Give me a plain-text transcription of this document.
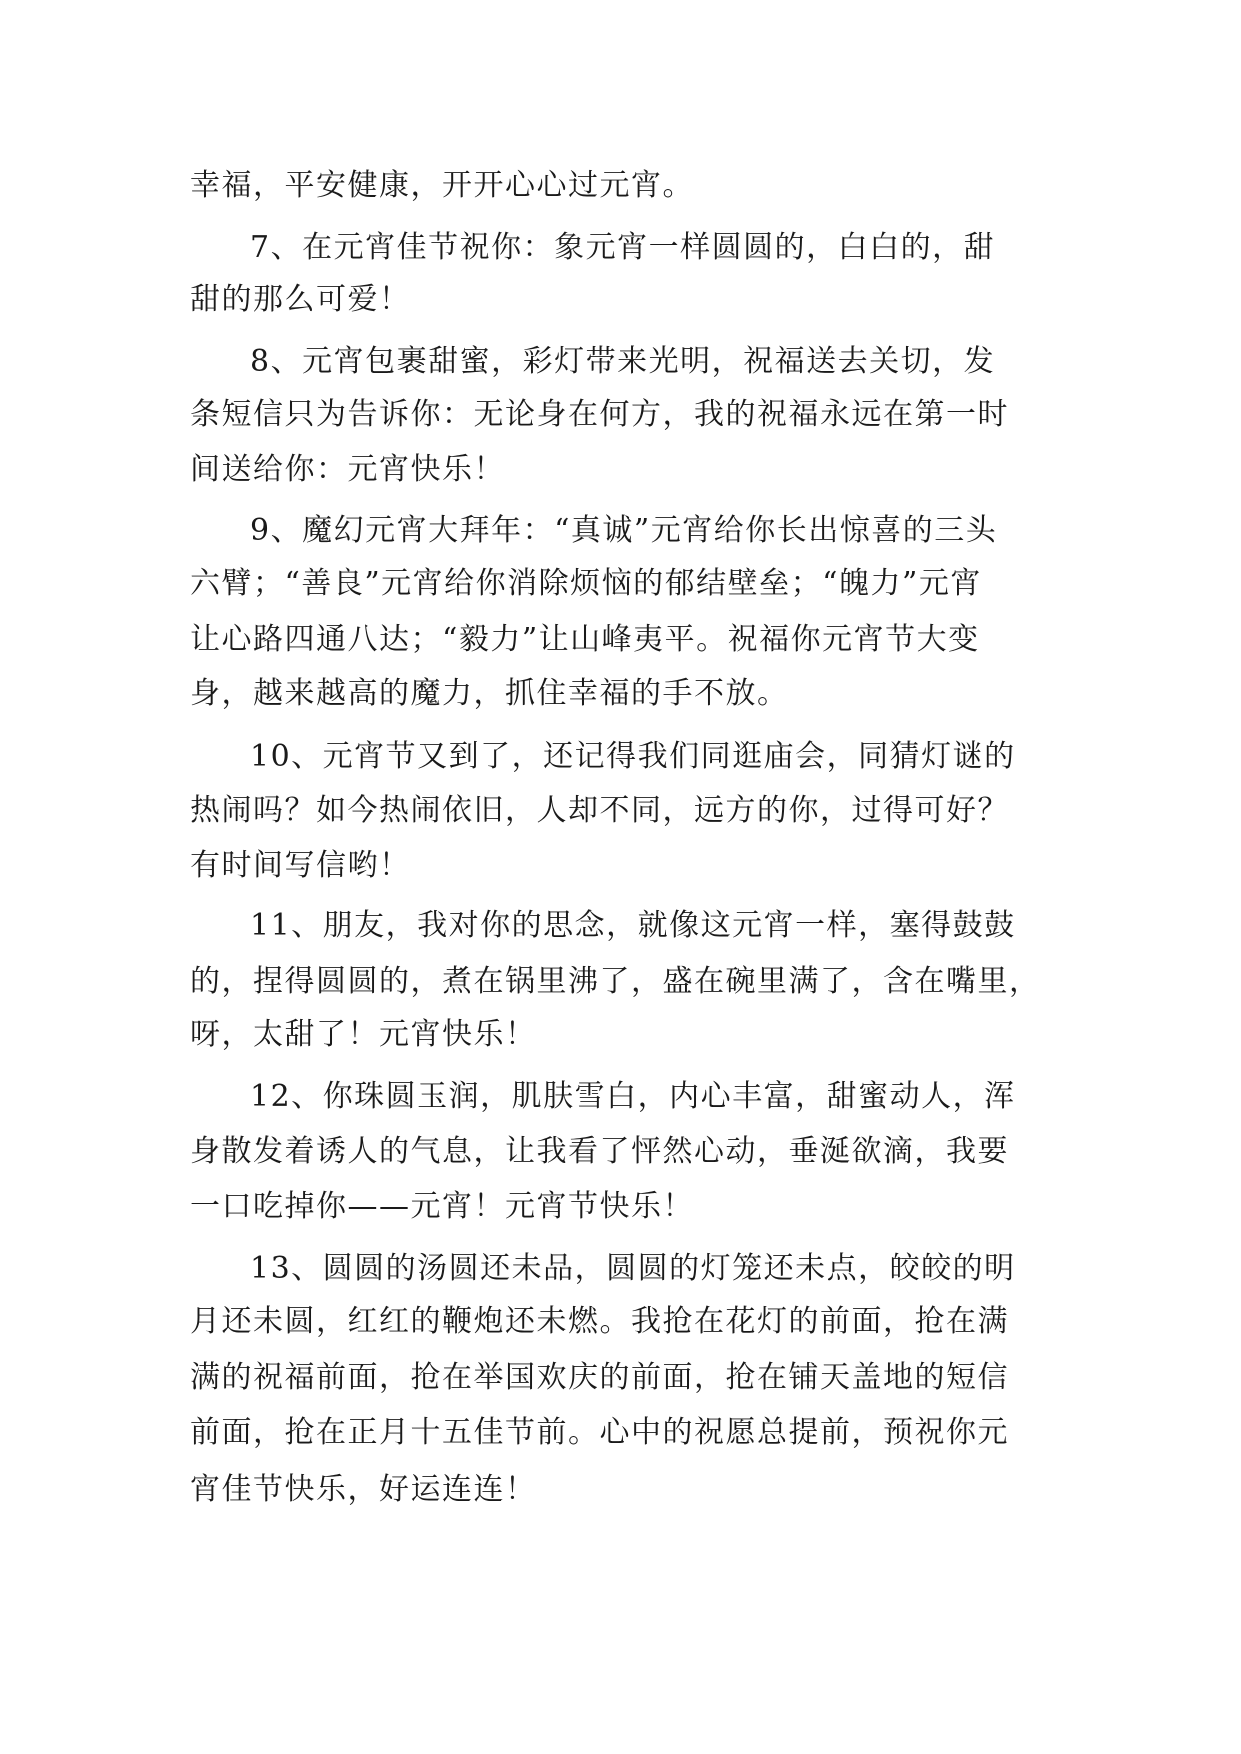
幸福，平安健康，开开心心过元宵。
7、在元宵佳节祝你：象元宵一样圆圆的，白白的，甜
甜的那么可爱！
8、元宵包裹甜蜜，彩灯带来光明，祝福送去关切，发
条短信只为告诉你：无论身在何方，我的祝福永远在第一时
间送给你：元宵快乐！
9、魔幻元宵大拜年：“真诚”元宵给你长出惊喜的三头
六臂；“善良”元宵给你消除烦恼的郁结壁垒；“魄力”元宵
让心路四通八达；“毅力”让山峰夷平。祝福你元宵节大变
身，越来越高的魔力，抓住幸福的手不放。
10、元宵节又到了，还记得我们同逛庙会，同猜灯谜的
热闹吗？如今热闹依旧，人却不同，远方的你，过得可好？
有时间写信哟！
11、朋友，我对你的思念，就像这元宵一样，塞得鼓鼓
的，捏得圆圆的，煮在锅里沸了，盛在碗里满了，含在嘴里，
呀，太甜了！元宵快乐！
12、你珠圆玉润，肌肤雪白，内心丰富，甜蜜动人，浑
身散发着诱人的气息，让我看了怦然心动，垂涎欲滴，我要
一口吃掉你——元宵！元宵节快乐！
13、圆圆的汤圆还未品，圆圆的灯笼还未点，皎皎的明
月还未圆，红红的鞭炮还未燃。我抢在花灯的前面，抢在满
满的祝福前面，抢在举国欢庆的前面，抢在铺天盖地的短信
前面，抢在正月十五佳节前。心中的祝愿总提前，预祝你元
宵佳节快乐，好运连连！
